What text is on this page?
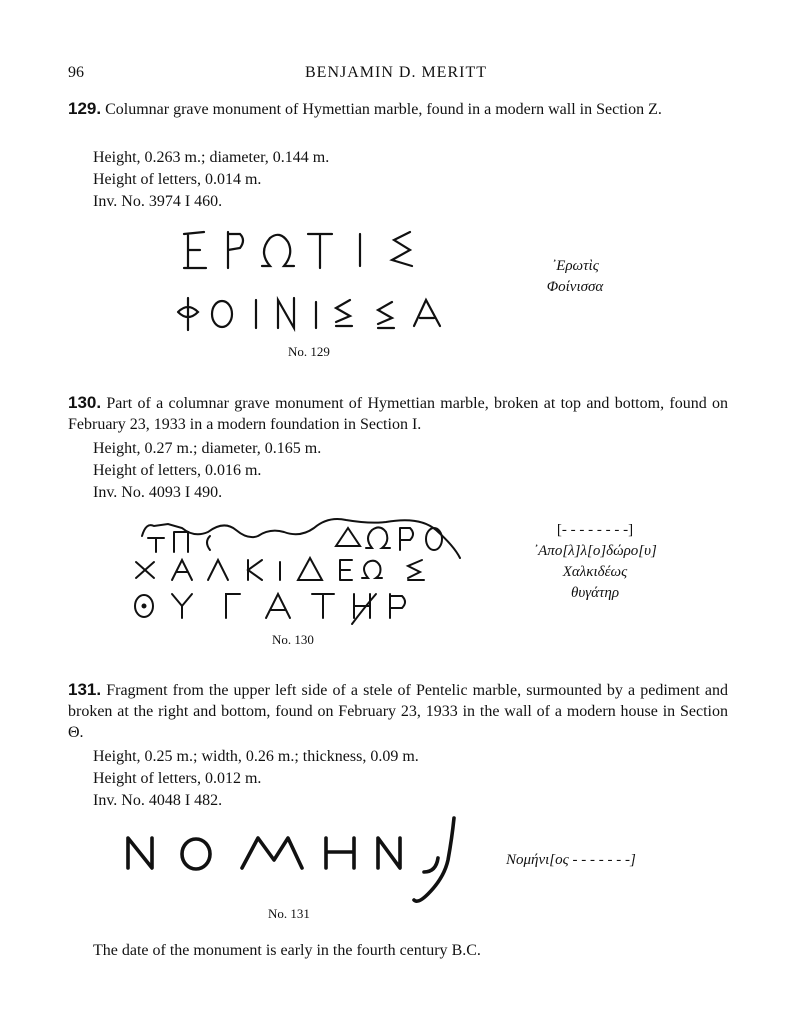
96	BENJAMIN D. MERITT

129. Columnar grave monument of Hymettian marble, found in a modern wall in Section Z.

Height, 0.263 m.; diameter, 0.144 m.
Height of letters, 0.014 m.
Inv. No. 3974 I 460.
No. 129
᾿Ερωτὶς
Φοίνισσα

130. Part of a columnar grave monument of Hymettian marble, broken at top and bottom, found on February 23, 1933 in a modern foundation in Section Ι.

Height, 0.27 m.; diameter, 0.165 m.
Height of letters, 0.016 m.
Inv. No. 4093 I 490.
No. 130
[- - - - - - - -]
᾿Απο[λ]λ[ο]δώρο[υ]
Χαλκιδέως
θυγάτηρ

131. Fragment from the upper left side of a stele of Pentelic marble, surmounted by a pediment and broken at the right and bottom, found on February 23, 1933 in the wall of a modern house in Section Θ.

Height, 0.25 m.; width, 0.26 m.; thickness, 0.09 m.
Height of letters, 0.012 m.
Inv. No. 4048 I 482.
No. 131
Νομήνι[ος - - - - - - -]
The date of the monument is early in the fourth century B.C.
